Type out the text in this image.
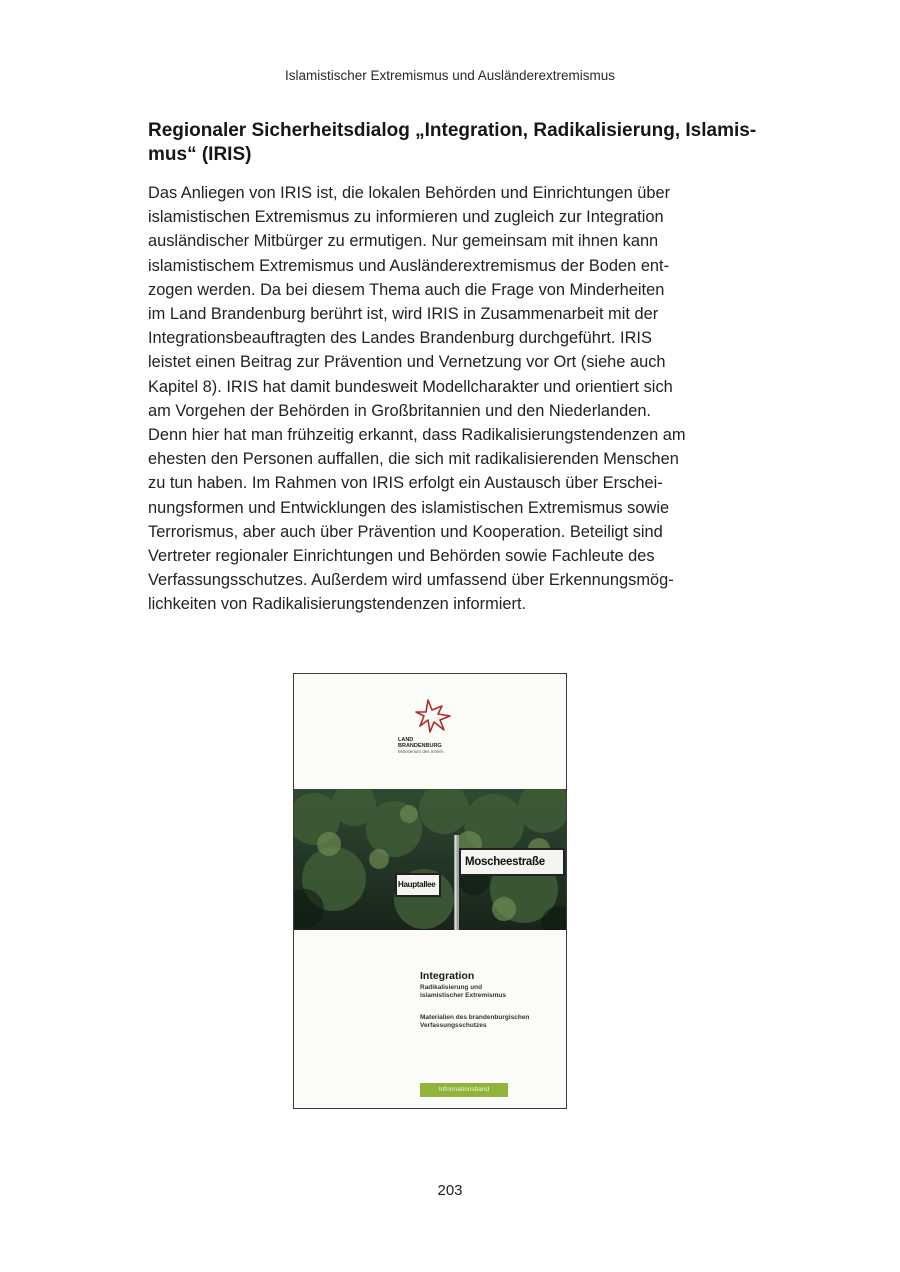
Islamistischer Extremismus und Ausländerextremismus
Regionaler Sicherheitsdialog „Integration, Radikalisierung, Islamis-
mus“ (IRIS)
Das Anliegen von IRIS ist, die lokalen Behörden und Einrichtungen über
islamistischen Extremismus zu informieren und zugleich zur Integration
ausländischer Mitbürger zu ermutigen. Nur gemeinsam mit ihnen kann
islamistischem Extremismus und Ausländerextremismus der Boden ent-
zogen werden. Da bei diesem Thema auch die Frage von Minderheiten
im Land Brandenburg berührt ist, wird IRIS in Zusammenarbeit mit der
Integrationsbeauftragten des Landes Brandenburg durchgeführt. IRIS
leistet einen Beitrag zur Prävention und Vernetzung vor Ort (siehe auch
Kapitel 8). IRIS hat damit bundesweit Modellcharakter und orientiert sich
am Vorgehen der Behörden in Großbritannien und den Niederlanden.
Denn hier hat man frühzeitig erkannt, dass Radikalisierungstendenzen am
ehesten den Personen auffallen, die sich mit radikalisierenden Menschen
zu tun haben. Im Rahmen von IRIS erfolgt ein Austausch über Erschei-
nungsformen und Entwicklungen des islamistischen Extremismus sowie
Terrorismus, aber auch über Prävention und Kooperation. Beteiligt sind
Vertreter regionaler Einrichtungen und Behörden sowie Fachleute des
Verfassungsschutzes. Außerdem wird umfassend über Erkennungsmög-
lichkeiten von Radikalisierungstendenzen informiert.
LAND
BRANDENBURG
Ministerium des Innern
Moscheestraße
Hauptallee
Integration
Radikalisierung und
islamistischer Extremismus
Materialien des brandenburgischen
Verfassungsschutzes
Informationsband
203
